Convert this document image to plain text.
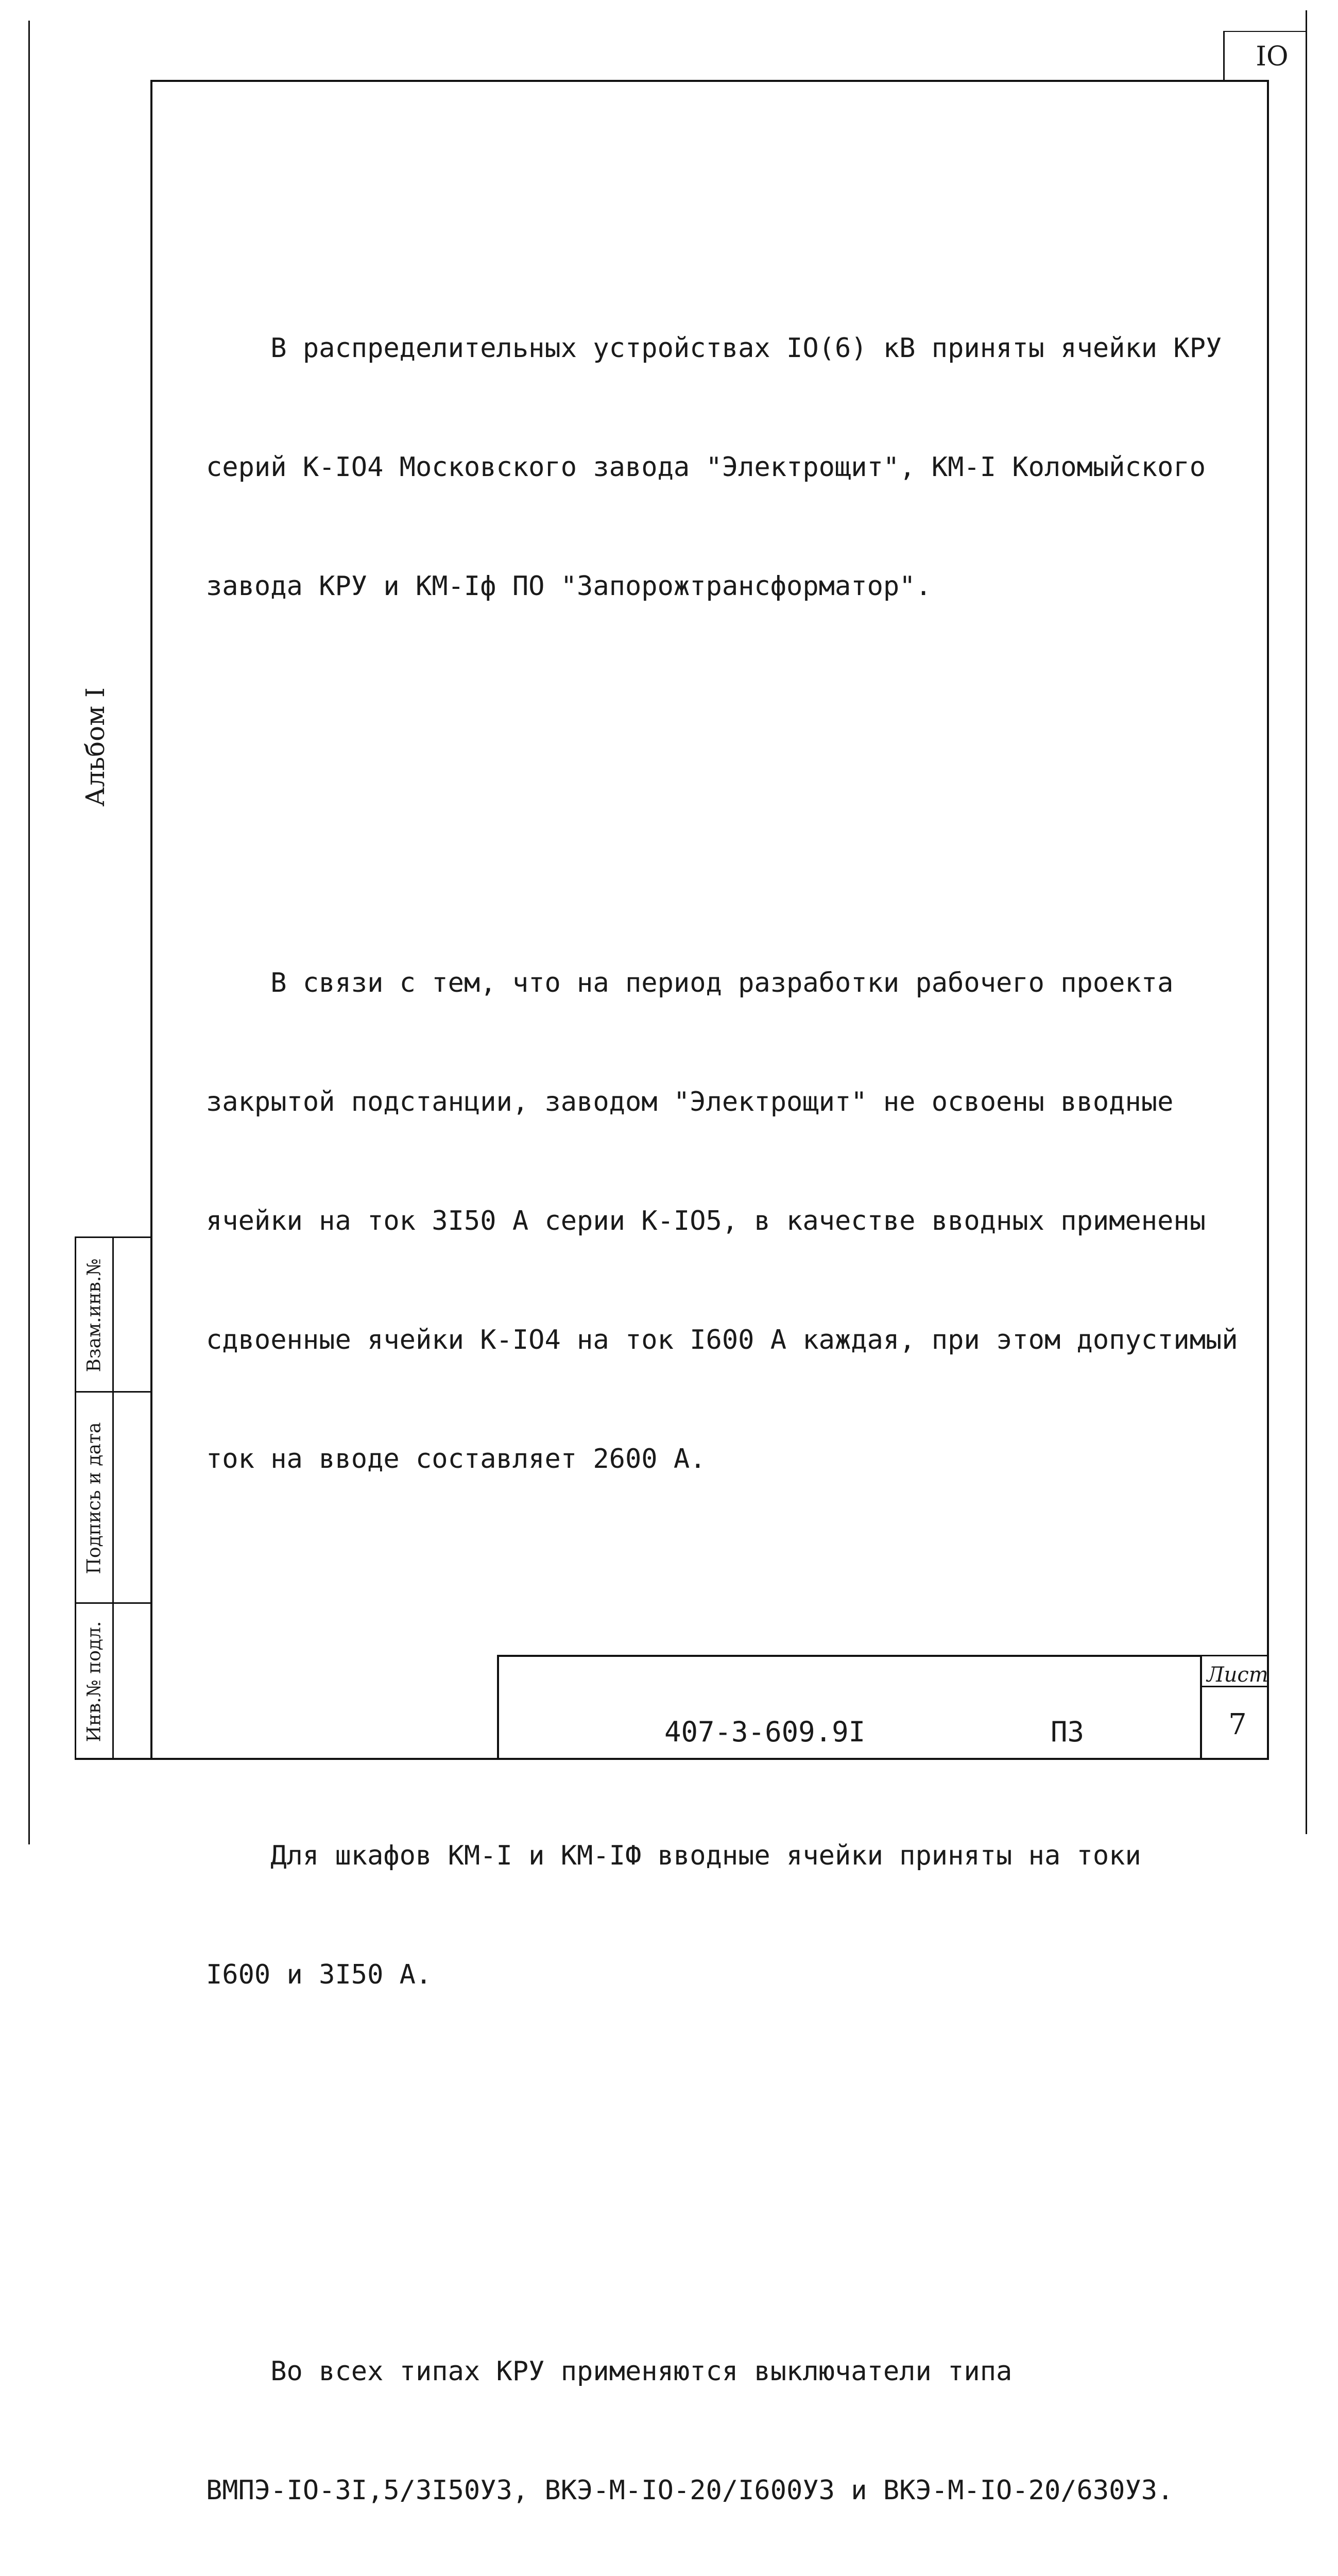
IO
Альбом I
Взам.инв.№
Подпись и дата
Инв.№ подл.

В распределительных устройствах IO(6) кВ приняты ячейки КРУ

серий К-IO4 Московского завода "Электрощит", КМ-I Коломыйского

завода КРУ и КМ-Iф ПО "Запорожтрансформатор".

В связи с тем, что на период разработки рабочего проекта

закрытой подстанции, заводом "Электрощит" не освоены вводные

ячейки на ток 3I50 А серии К-IO5, в качестве вводных применены

сдвоенные ячейки К-IO4 на ток I600 А каждая, при этом допустимый

ток на вводе составляет 2600 А.

Для шкафов КМ-I и КМ-IФ вводные ячейки приняты на токи

I600 и 3I50 А.

Во всех типах КРУ применяются выключатели типа

ВМПЭ-IO-3I,5/3I50УЗ, ВКЭ-М-IO-20/I600УЗ и ВКЭ-М-IO-20/630УЗ.

407-3-609.9I	ПЗ
Лист
7
